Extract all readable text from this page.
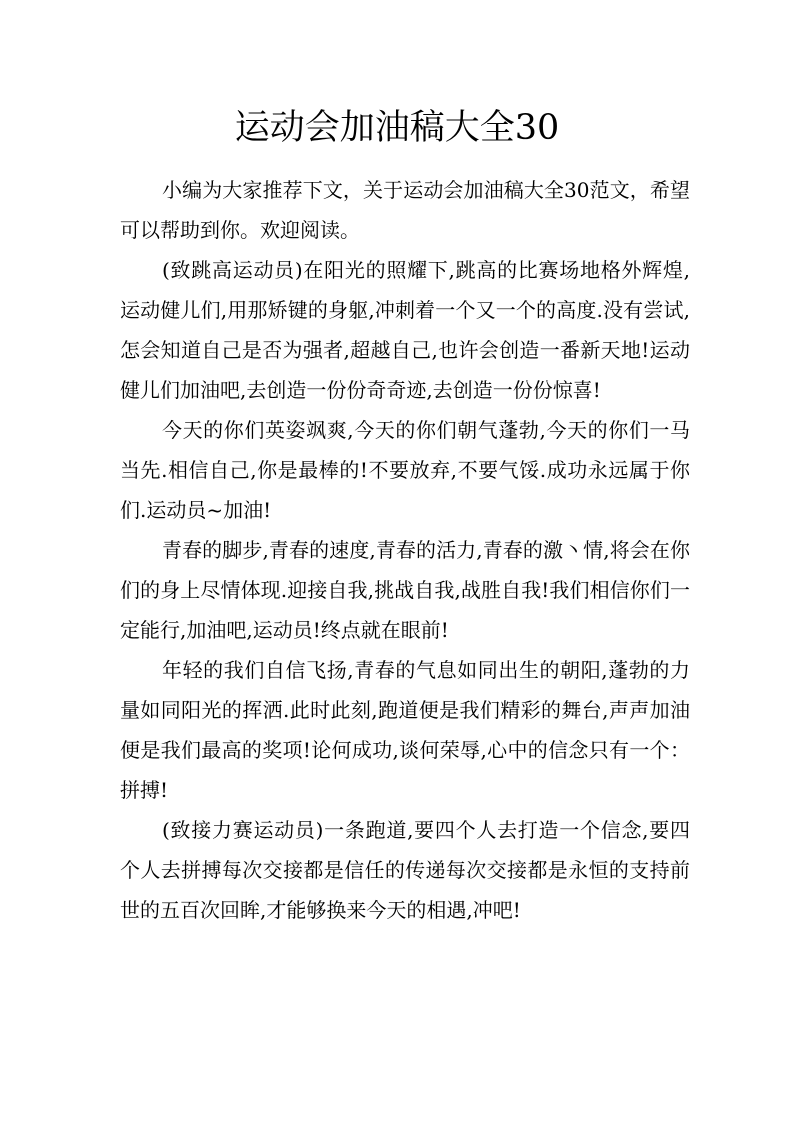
运动会加油稿大全30

小编为大家推荐下文，关于运动会加油稿大全30范文，希望可以帮助到你。欢迎阅读。

(致跳高运动员)在阳光的照耀下,跳高的比赛场地格外辉煌,运动健儿们,用那矫键的身躯,冲刺着一个又一个的高度.没有尝试,怎会知道自己是否为强者,超越自己,也许会创造一番新天地!运动健儿们加油吧,去创造一份份奇奇迹,去创造一份份惊喜!

今天的你们英姿飒爽,今天的你们朝气蓬勃,今天的你们一马当先.相信自己,你是最棒的!不要放弃,不要气馁.成功永远属于你们.运动员~加油!

青春的脚步,青春的速度,青春的活力,青春的激丶情,将会在你们的身上尽情体现.迎接自我,挑战自我,战胜自我!我们相信你们一定能行,加油吧,运动员!终点就在眼前!

年轻的我们自信飞扬,青春的气息如同出生的朝阳,蓬勃的力量如同阳光的挥洒.此时此刻,跑道便是我们精彩的舞台,声声加油便是我们最高的奖项!论何成功,谈何荣辱,心中的信念只有一个：拼搏!

(致接力赛运动员)一条跑道,要四个人去打造一个信念,要四个人去拼搏每次交接都是信任的传递每次交接都是永恒的支持前世的五百次回眸,才能够换来今天的相遇,冲吧!
